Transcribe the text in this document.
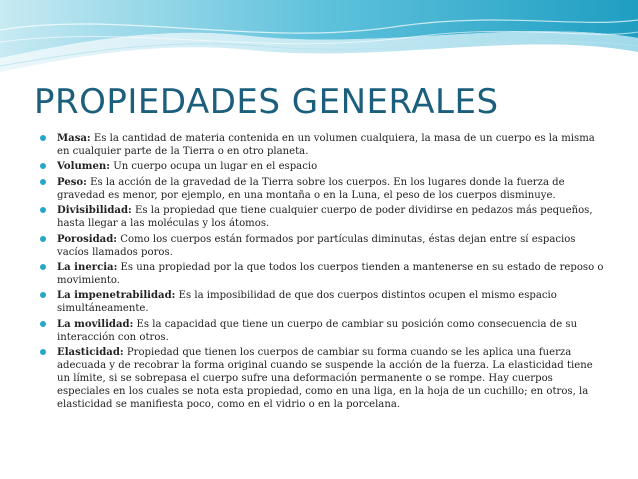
PROPIEDADES GENERALES
Masa: Es la cantidad de materia contenida en un volumen cualquiera, la masa de un cuerpo es la misma en cualquier parte de la Tierra o en otro planeta.
Volumen: Un cuerpo ocupa un lugar en el espacio
Peso: Es la acción de la gravedad de la Tierra sobre los cuerpos. En los lugares donde la fuerza de gravedad es menor, por ejemplo, en una montaña o en la Luna, el peso de los cuerpos disminuye.
Divisibilidad: Es la propiedad que tiene cualquier cuerpo de poder dividirse en pedazos más pequeños, hasta llegar a las moléculas y los átomos.
Porosidad: Como los cuerpos están formados por partículas diminutas, éstas dejan entre sí espacios vacíos llamados poros.
La inercia: Es una propiedad por la que todos los cuerpos tienden a mantenerse en su estado de reposo o movimiento.
La impenetrabilidad: Es la imposibilidad de que dos cuerpos distintos ocupen el mismo espacio simultáneamente.
La movilidad: Es la capacidad que tiene un cuerpo de cambiar su posición como consecuencia de su interacción con otros.
Elasticidad: Propiedad que tienen los cuerpos de cambiar su forma cuando se les aplica una fuerza adecuada y de recobrar la forma original cuando se suspende la acción de la fuerza. La elasticidad tiene un límite, si se sobrepasa el cuerpo sufre una deformación permanente o se rompe. Hay cuerpos especiales en los cuales se nota esta propiedad, como en una liga, en la hoja de un cuchillo; en otros, la elasticidad se manifiesta poco, como en el vidrio o en la porcelana.
